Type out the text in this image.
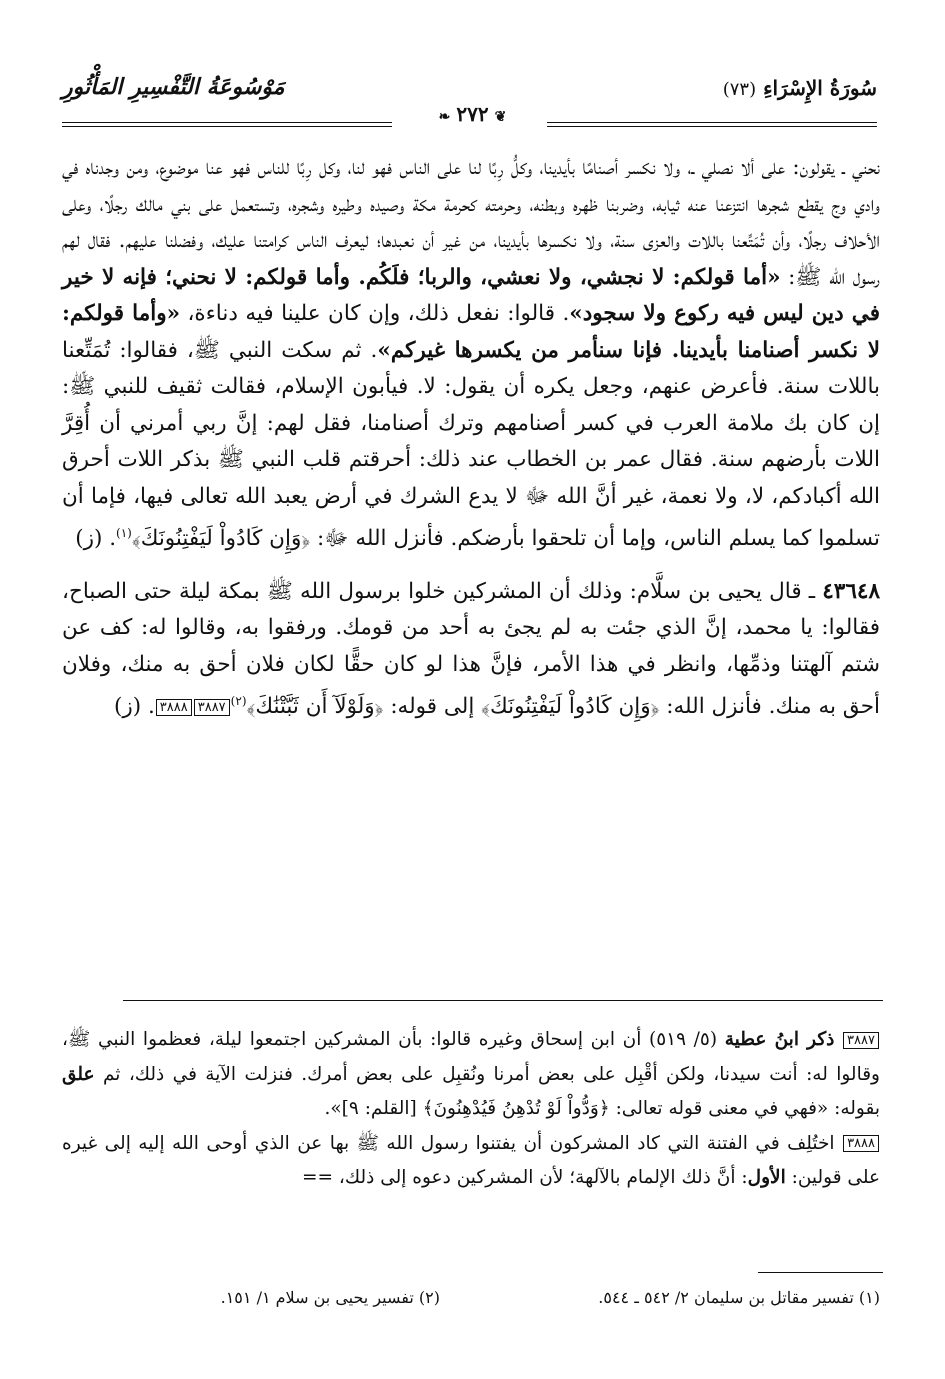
سُورَةُ الإِسْرَاءِ (٧٣)
مَوْسُوعَةُ التَّفْسِيرِ المَأْثُورِ
❦٢٧٢❧

نحني ـ يقولون: على ألا نصلي ـ، ولا نكسر أصنامًا بأيدينا، وكلُّ رِبًا لنا على الناس فهو لنا، وكل رِبًا للناس فهو عنا موضوع، ومن وجدناه في وادي وج يقطع شجرها انتزعنا عنه ثيابه، وضربنا ظهره وبطنه، وحرمته كحرمة مكة وصيده وطيره وشجره، وتستعمل على بني مالك رجلًا، وعلى الأحلاف رجلًا، وأن تُمَتِّعنا باللات والعزى سنة، ولا نكسرها بأيدينا، من غير أن نعبدها؛ ليعرف الناس كرامتنا عليك، وفضلنا عليهم. فقال لهم رسول الله ﷺ: «أما قولكم: لا نجشي، ولا نعشي، والربا؛ فلَكُم. وأما قولكم: لا نحني؛ فإنه لا خير في دين ليس فيه ركوع ولا سجود». قالوا: نفعل ذلك، وإن كان علينا فيه دناءة، «وأما قولكم: لا نكسر أصنامنا بأيدينا. فإنا سنأمر من يكسرها غيركم». ثم سكت النبي ﷺ، فقالوا: تُمَتِّعنا باللات سنة. فأعرض عنهم، وجعل يكره أن يقول: لا. فيأبون الإسلام، فقالت ثقيف للنبي ﷺ: إن كان بك ملامة العرب في كسر أصنامهم وترك أصنامنا، فقل لهم: إنَّ ربي أمرني أن أُقِرَّ اللات بأرضهم سنة. فقال عمر بن الخطاب عند ذلك: أحرقتم قلب النبي ﷺ بذكر اللات أحرق الله أكبادكم، لا، ولا نعمة، غير أنَّ الله ﷻ لا يدع الشرك في أرض يعبد الله تعالى فيها، فإما أن تسلموا كما يسلم الناس، وإما أن تلحقوا بأرضكم. فأنزل الله ﷻ: ﴿وَإِن كَادُواْ لَيَفْتِنُونَكَ﴾$^{(١)}$. (ز)

٤٣٦٤٨ ـ قال يحيى بن سلَّام: وذلك أن المشركين خلوا برسول الله ﷺ بمكة ليلة حتى الصباح، فقالوا: يا محمد، إنَّ الذي جئت به لم يجئ به أحد من قومك. ورفقوا به، وقالوا له: كف عن شتم آلهتنا وذمِّها، وانظر في هذا الأمر، فإنَّ هذا لو كان حقًّا لكان فلان أحق به منك، وفلان أحق به منك. فأنزل الله: ﴿وَإِن كَادُواْ لَيَفْتِنُونَكَ﴾ إلى قوله: ﴿وَلَوْلَآ أَن ثَبَّتْنَٰكَ﴾$^{(٢)}$٣٨٨٧٣٨٨٨. (ز)

٣٨٨٧ ذكر ابنُ عطية (٥/ ٥١٩) أن ابن إسحاق وغيره قالوا: بأن المشركين اجتمعوا ليلة، فعظموا النبي ﷺ، وقالوا له: أنت سيدنا، ولكن أقْبِل على بعض أمرنا ونُقبِل على بعض أمرك. فنزلت الآية في ذلك، ثم علق بقوله: «فهي في معنى قوله تعالى: ﴿وَدُّواْ لَوْ تُدْهِنُ فَيُدْهِنُونَ﴾ [القلم: ٩]».

٣٨٨٨ اختُلِف في الفتنة التي كاد المشركون أن يفتنوا رسول الله ﷺ بها عن الذي أوحى الله إليه إلى غيره على قولين: الأول: أنَّ ذلك الإلمام بالآلهة؛ لأن المشركين دعوه إلى ذلك، ==

(١) تفسير مقاتل بن سليمان ٢/ ٥٤٢ ـ ٥٤٤.
(٢) تفسير يحيى بن سلام ١/ ١٥١.
